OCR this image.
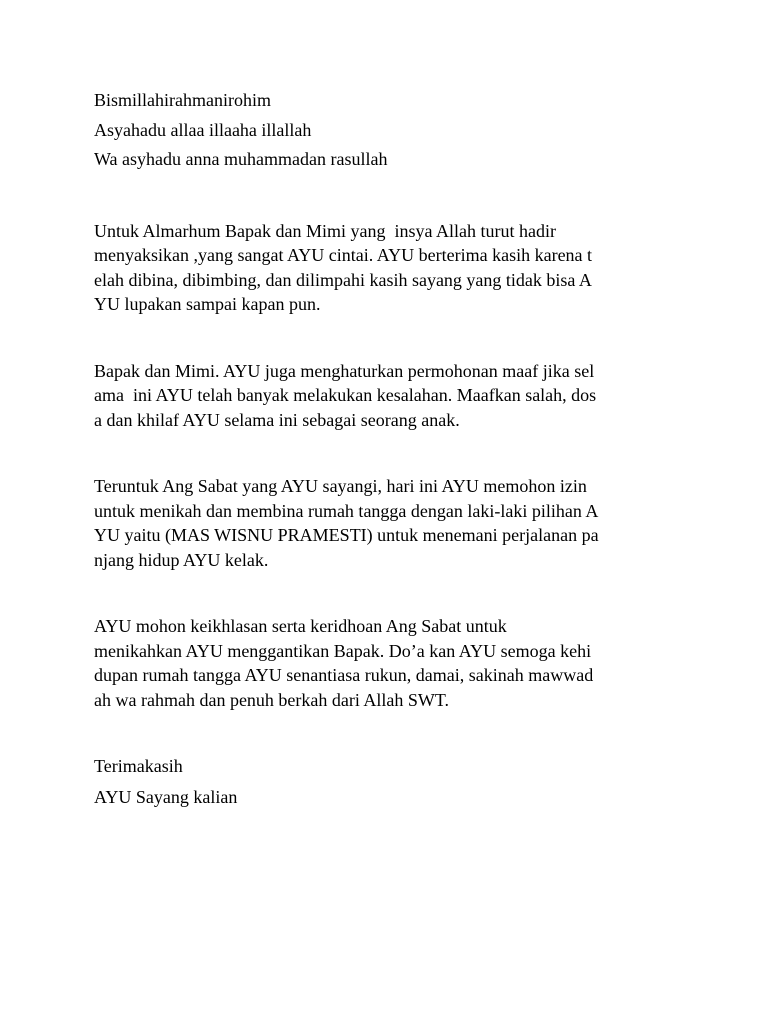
Bismillahirahmanirohim

Asyahadu allaa illaaha illallah

Wa asyhadu anna muhammadan rasullah

Untuk Almarhum Bapak dan Mimi yang  insya Allah turut hadir

menyaksikan ,yang sangat AYU cintai. AYU berterima kasih karena t

elah dibina, dibimbing, dan dilimpahi kasih sayang yang tidak bisa A

YU lupakan sampai kapan pun.

Bapak dan Mimi. AYU juga menghaturkan permohonan maaf jika sel

ama  ini AYU telah banyak melakukan kesalahan. Maafkan salah, dos

a dan khilaf AYU selama ini sebagai seorang anak.

Teruntuk Ang Sabat yang AYU sayangi, hari ini AYU memohon izin

untuk menikah dan membina rumah tangga dengan laki-laki pilihan A

YU yaitu (MAS WISNU PRAMESTI) untuk menemani perjalanan pa

njang hidup AYU kelak.

AYU mohon keikhlasan serta keridhoan Ang Sabat untuk

menikahkan AYU menggantikan Bapak. Do’a kan AYU semoga kehi

dupan rumah tangga AYU senantiasa rukun, damai, sakinah mawwad

ah wa rahmah dan penuh berkah dari Allah SWT.

Terimakasih

AYU Sayang kalian
